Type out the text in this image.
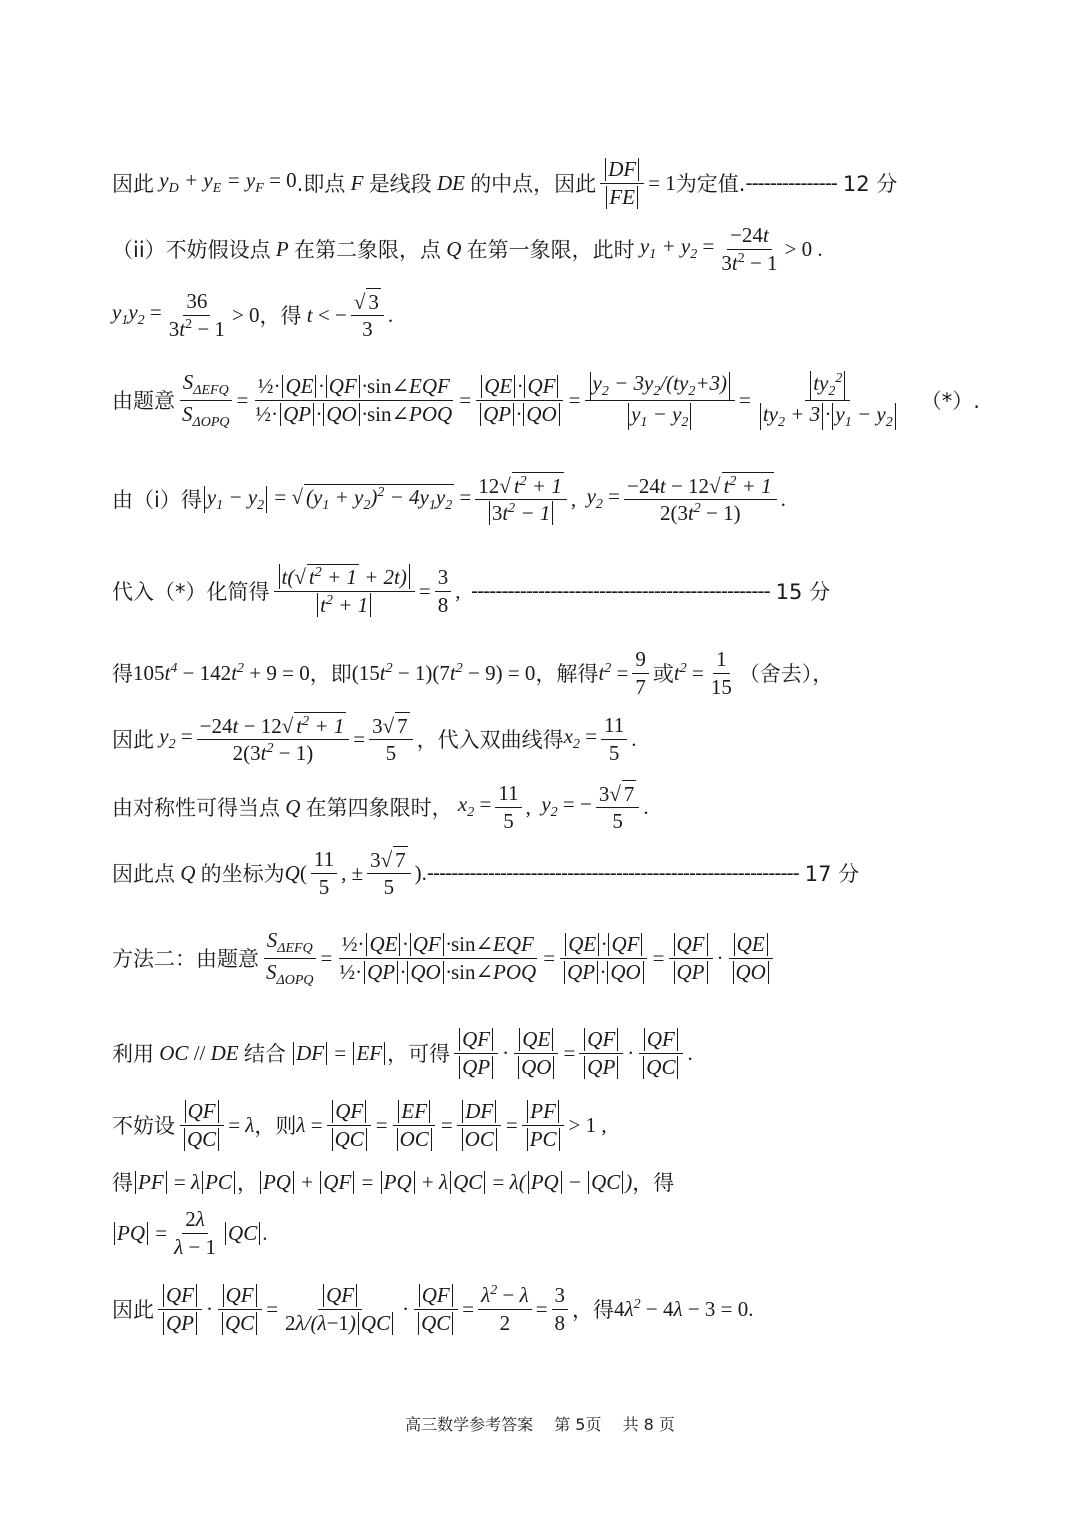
因此 $y_D + y_E = y_F = 0$ .即点 F 是线段 DE 的中点，因此 $\frac{DF}{FE} = 1$ 为定值. --------------- 12 分
（ii）不妨假设点 P 在第二象限，点 Q 在第一象限，此时 $y_1 + y_2 = \frac{-24t}{3t^2 - 1} > 0$ .
$y_1y_2 = \frac{36}{3t^2 - 1} > 0$ ，得 t < − $\frac{√ 3}{3}$ .
由题意 $\frac{S_{\Delta EFQ}}{S_{\Delta OPQ}} = \frac{\text{½· QE · QF ·sin∠EQF}}{\text{½· QP · QO ·sin∠POQ}} = \frac{QE \cdot QF}{QP \cdot QO} = \frac{y_2 - 3y_2/(ty_2+3)}{y_1 - y_2} = \frac{ty_2^2}{ty_2 + 3 \cdot y_1 - y_2}$ （*）.
由（i）得 $y_1 - y_2$ = √ $(y_1 + y_2)^2 - 4y_1y_2 = \frac{12√ t^2 + 1}{3t^2 - 1}$ , $y_2 = \frac{-24t - 12√ t^2 + 1}{2(3t^2 - 1)}$ .
代入（*）化简得 $\frac{t(√ t^2 + 1 + 2t)}{t^2 + 1} = \frac{3}{8}$ , ------------------------------------------------- 15 分
得 $105t^4 - 142t^2 + 9 = 0$ ，即 $(15t^2 - 1)(7t^2 - 9) = 0$ ，解得 $t^2 = \frac{9}{7}$ 或 $t^2 = \frac{1}{15}$ （舍去），
因此 $y_2 = \frac{-24t - 12√ t^2 + 1}{2(3t^2 - 1)} = \frac{3√ 7}{5}$ ，代入双曲线得 $x_2 = \frac{11}{5}$ .
由对称性可得当点 Q 在第四象限时， $x_2 = \frac{11}{5}$ , $y_2$ = − $\frac{3√ 7}{5}$ .
因此点 Q 的坐标为 $Q( \frac{11}{5}$ , ± $\frac{3√ 7}{5}$ ). ------------------------------------------------------------- 17 分
方法二：由题意 $\frac{S_{\Delta EFQ}}{S_{\Delta OPQ}} = \frac{\text{½· QE · QF ·sin∠EQF}}{\text{½· QP · QO ·sin∠POQ}} = \frac{QE \cdot QF}{QP \cdot QO} = \frac{QF}{QP} \cdot \frac{QE}{QO}$
利用 OC // DE 结合 DF = EF ，可得 $\frac{QF}{QP} \cdot \frac{QE}{QO} = \frac{QF}{QP} \cdot \frac{QF}{QC}$ .
不妨设 $\frac{QF}{QC} = \lambda$ ，则 $\lambda = \frac{QF}{QC} = \frac{EF}{OC} = \frac{DF}{OC} = \frac{PF}{PC} > 1$ ,
得 PF = λ PC ， PQ + QF = PQ + λ QC = λ( PQ − QC ) ，得
PQ = $\frac{2\lambda}{\lambda - 1}$ QC .
因此 $\frac{QF}{QP} \cdot \frac{QF}{QC} = \frac{QF}{2\lambda/(\lambda-1) QC} \cdot \frac{QF}{QC} = \frac{\lambda^2 - \lambda}{2} = \frac{3}{8}$ ，得 $4\lambda^2 - 4\lambda - 3 = 0$.
高三数学参考答案 第 5页 共 8 页
